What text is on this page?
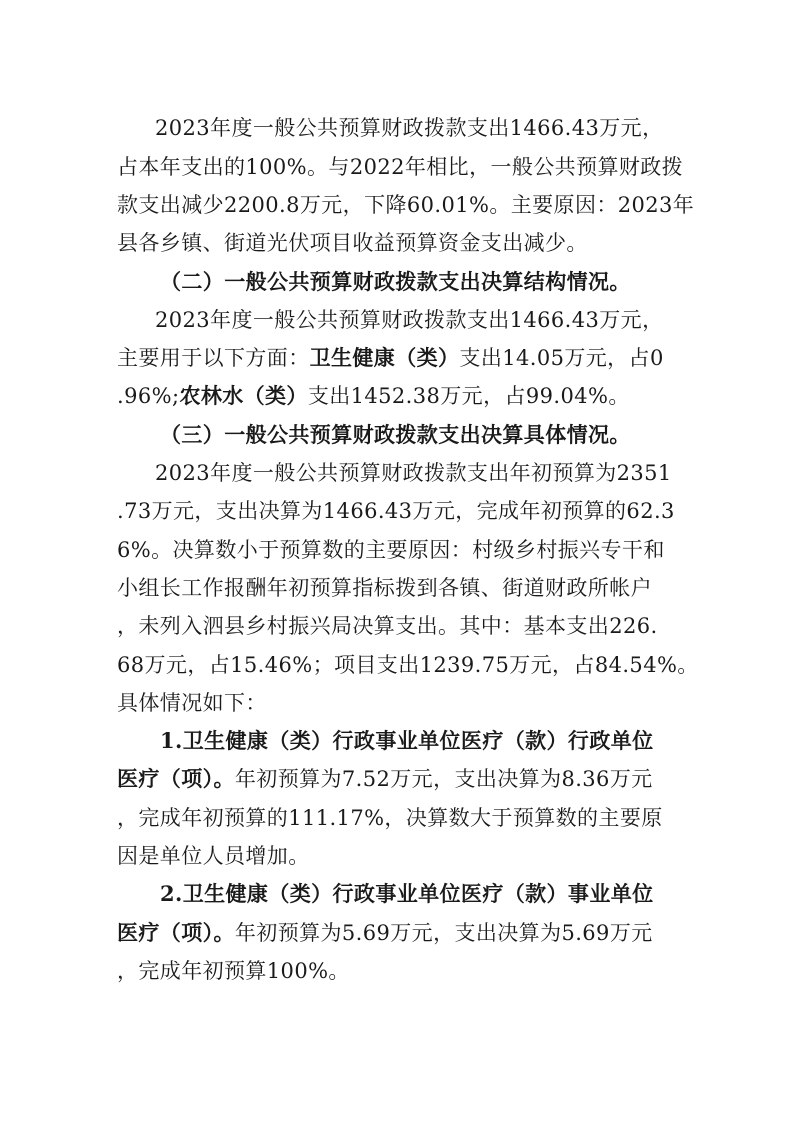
2023年度一般公共预算财政拨款支出1466.43万元，
占本年支出的100%。与2022年相比，一般公共预算财政拨
款支出减少2200.8万元，下降60.01%。主要原因：2023年
县各乡镇、街道光伏项目收益预算资金支出减少。
（二）一般公共预算财政拨款支出决算结构情况。
2023年度一般公共预算财政拨款支出1466.43万元，
主要用于以下方面：卫生健康（类）支出14.05万元，占0
.96%;农林水（类）支出1452.38万元，占99.04%。
（三）一般公共预算财政拨款支出决算具体情况。
2023年度一般公共预算财政拨款支出年初预算为2351
.73万元，支出决算为1466.43万元，完成年初预算的62.3
6%。决算数小于预算数的主要原因：村级乡村振兴专干和
小组长工作报酬年初预算指标拨到各镇、街道财政所帐户
，未列入泗县乡村振兴局决算支出。其中：基本支出226.
68万元，占15.46%；项目支出1239.75万元，占84.54%。
具体情况如下：
1.卫生健康（类）行政事业单位医疗（款）行政单位
医疗（项）。年初预算为7.52万元，支出决算为8.36万元
，完成年初预算的111.17%，决算数大于预算数的主要原
因是单位人员增加。
2.卫生健康（类）行政事业单位医疗（款）事业单位
医疗（项）。年初预算为5.69万元，支出决算为5.69万元
，完成年初预算100%。
